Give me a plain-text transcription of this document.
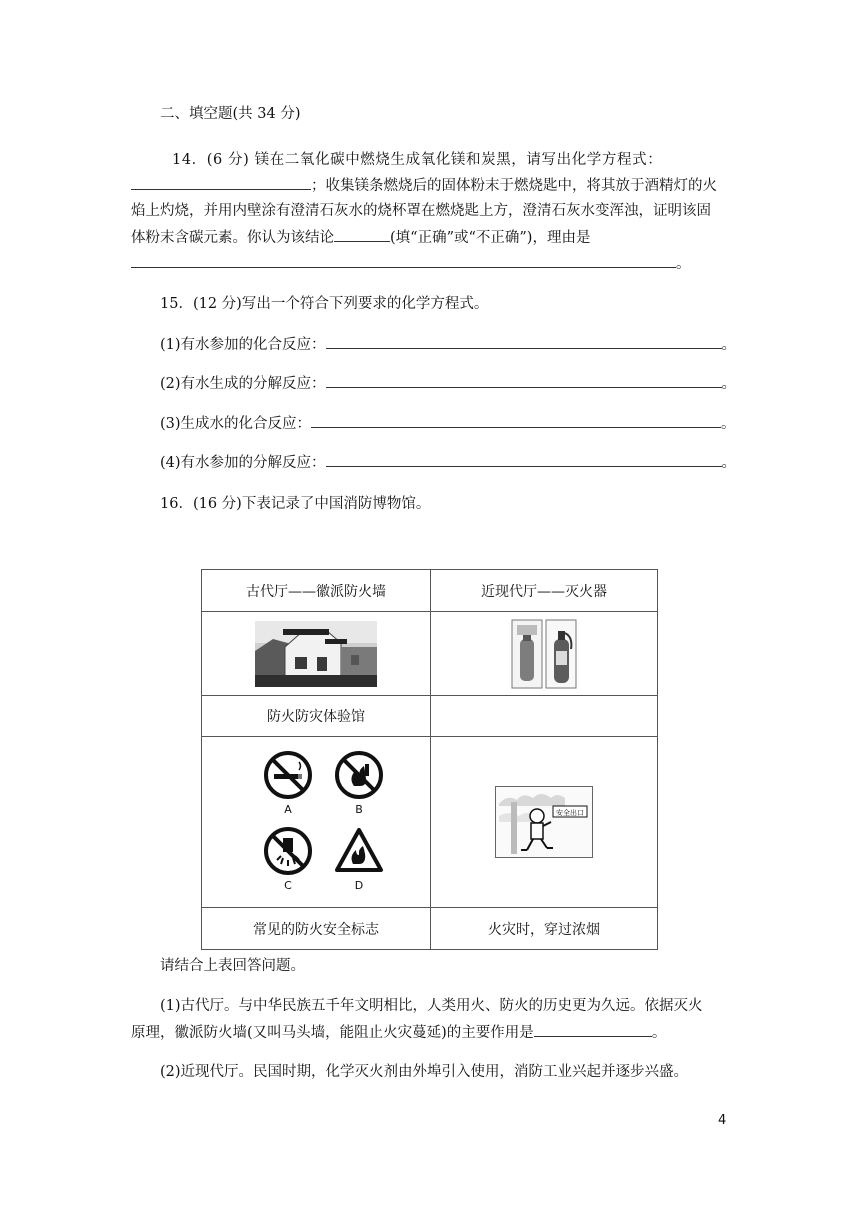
二、填空题(共 34 分)
14．(6 分) 镁在二氧化碳中燃烧生成氧化镁和炭黑，请写出化学方程式：
；收集镁条燃烧后的固体粉末于燃烧匙中，将其放于酒精灯的火
焰上灼烧，并用内壁涂有澄清石灰水的烧杯罩在燃烧匙上方，澄清石灰水变浑浊，证明该固
体粉末含碳元素。你认为该结论	(填“正确”或“不正确”)，理由是
。
15．(12 分)写出一个符合下列要求的化学方程式。
(1)有水参加的化合反应：	。
(2)有水生成的分解反应：	。
(3)生成水的化合反应：	。
(4)有水参加的分解反应：	。
16．(16 分)下表记录了中国消防博物馆。
古代厅——徽派防火墙	近现代厅——灭火器

防火防灾体验馆	

A B
C D	安全出口

常见的防火安全标志	火灾时，穿过浓烟
请结合上表回答问题。
(1)古代厅。与中华民族五千年文明相比，人类用火、防火的历史更为久远。依据灭火
原理，徽派防火墙(又叫马头墙，能阻止火灾蔓延)的主要作用是	。
(2)近现代厅。民国时期，化学灭火剂由外埠引入使用，消防工业兴起并逐步兴盛。
4
